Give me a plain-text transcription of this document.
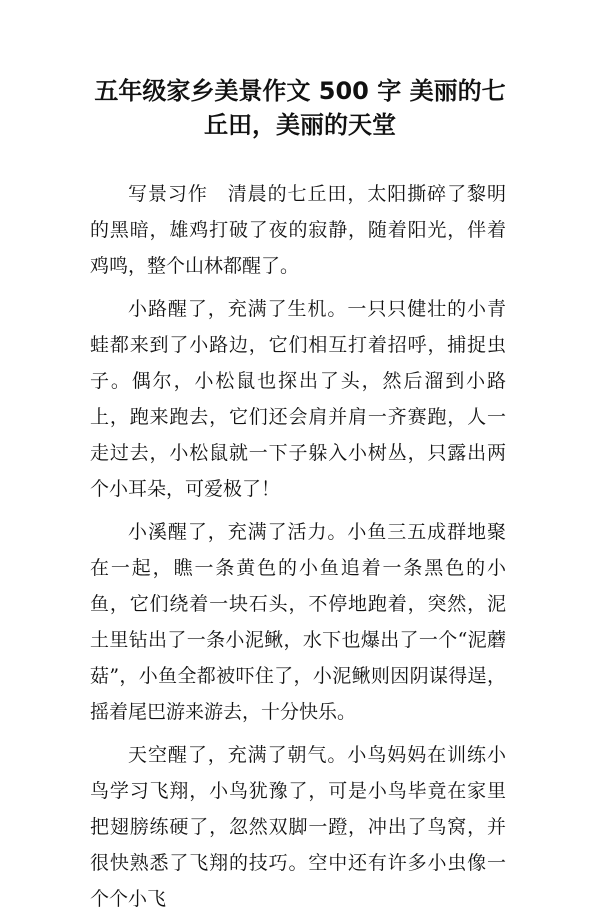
五年级家乡美景作文 500 字 美丽的七
丘田，美丽的天堂

写景习作　清晨的七丘田，太阳撕碎了黎明的黑暗，雄鸡打破了夜的寂静，随着阳光，伴着鸡鸣，整个山林都醒了。

小路醒了，充满了生机。一只只健壮的小青蛙都来到了小路边，它们相互打着招呼，捕捉虫子。偶尔，小松鼠也探出了头，然后溜到小路上，跑来跑去，它们还会肩并肩一齐赛跑，人一走过去，小松鼠就一下子躲入小树丛，只露出两个小耳朵，可爱极了！

小溪醒了，充满了活力。小鱼三五成群地聚在一起，瞧一条黄色的小鱼追着一条黑色的小鱼，它们绕着一块石头，不停地跑着，突然，泥土里钻出了一条小泥鳅，水下也爆出了一个“泥蘑菇”，小鱼全都被吓住了，小泥鳅则因阴谋得逞，摇着尾巴游来游去，十分快乐。

天空醒了，充满了朝气。小鸟妈妈在训练小鸟学习飞翔，小鸟犹豫了，可是小鸟毕竟在家里把翅膀练硬了，忽然双脚一蹬，冲出了鸟窝，并很快熟悉了飞翔的技巧。空中还有许多小虫像一个个小飞
